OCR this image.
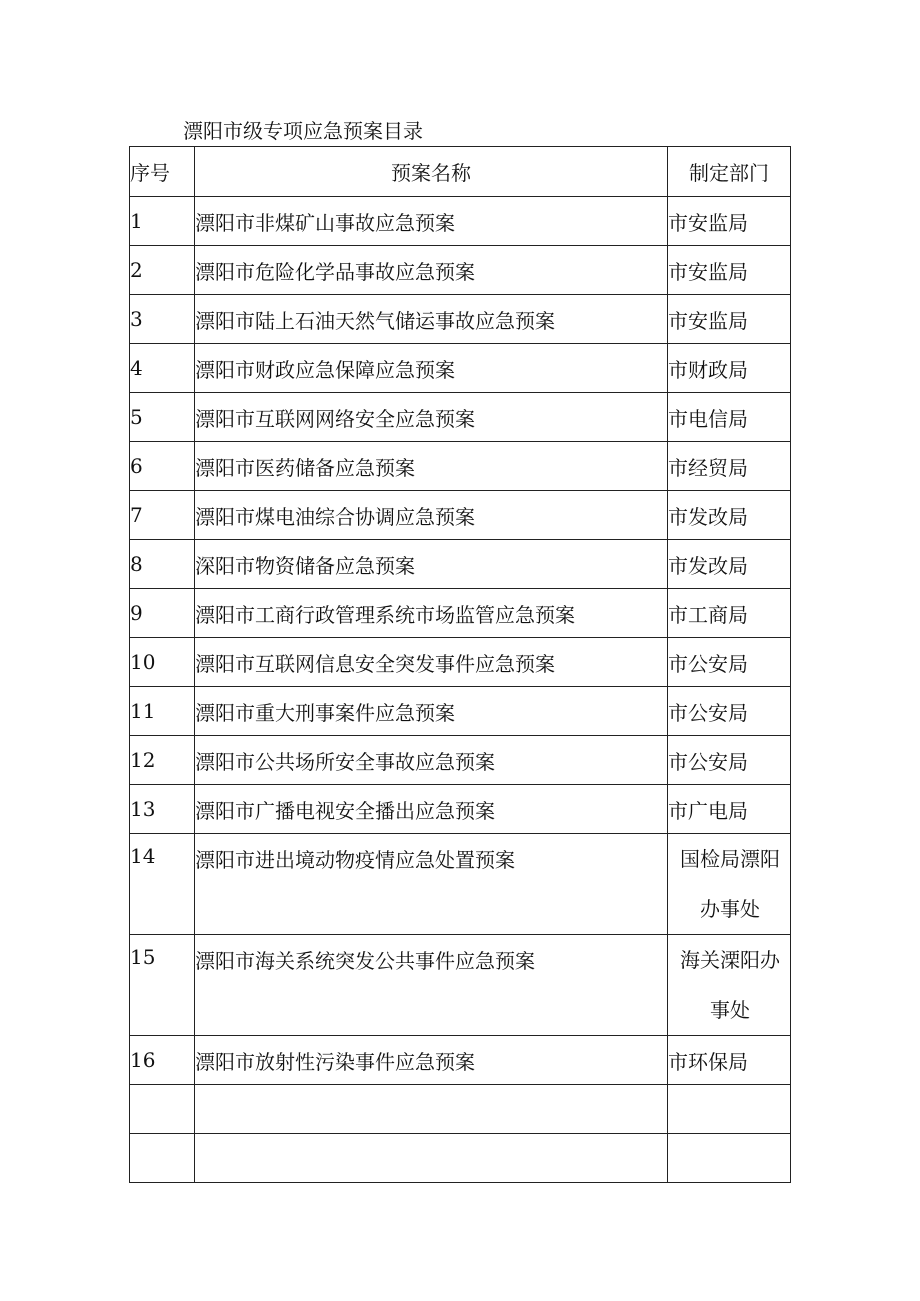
漂阳市级专项应急预案目录
序号	预案名称	制定部门
1	漂阳市非煤矿山事故应急预案	市安监局
2	漂阳市危险化学品事故应急预案	市安监局
3	漂阳市陆上石油天然气储运事故应急预案	市安监局
4	漂阳市财政应急保障应急预案	市财政局
5	漂阳市互联网网络安全应急预案	市电信局
6	漂阳市医药储备应急预案	市经贸局
7	漂阳市煤电油综合协调应急预案	市发改局
8	深阳市物资储备应急预案	市发改局
9	漂阳市工商行政管理系统市场监管应急预案	市工商局
10	漂阳市互联网信息安全突发事件应急预案	市公安局
11	漂阳市重大刑事案件应急预案	市公安局
12	漂阳市公共场所安全事故应急预案	市公安局
13	漂阳市广播电视安全播出应急预案	市广电局
14	漂阳市进出境动物疫情应急处置预案	国检局漂阳办事处
15	漂阳市海关系统突发公共事件应急预案	海关溧阳办事处
16	漂阳市放射性污染事件应急预案	市环保局
